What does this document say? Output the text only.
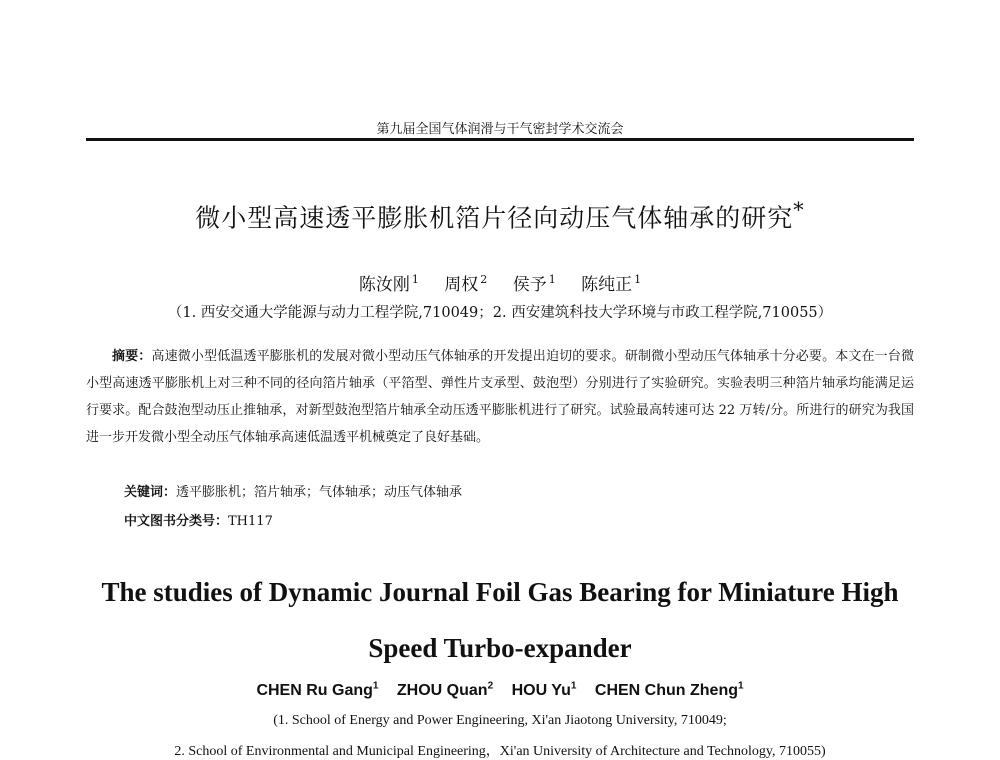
第九届全国气体润滑与干气密封学术交流会
微小型高速透平膨胀机箔片径向动压气体轴承的研究*
陈汝刚 $^1$ 周权 $^2$ 侯予 $^1$ 陈纯正 $^1$
（1. 西安交通大学能源与动力工程学院,710049；2. 西安建筑科技大学环境与市政工程学院,710055）
摘要：高速微小型低温透平膨胀机的发展对微小型动压气体轴承的开发提出迫切的要求。研制微小型动压气体轴承十分必要。本文在一台微小型高速透平膨胀机上对三种不同的径向箔片轴承（平箔型、弹性片支承型、鼓泡型）分别进行了实验研究。实验表明三种箔片轴承均能满足运行要求。配合鼓泡型动压止推轴承，对新型鼓泡型箔片轴承全动压透平膨胀机进行了研究。试验最高转速可达 22 万转/分。所进行的研究为我国进一步开发微小型全动压气体轴承高速低温透平机械奠定了良好基础。
关键词：透平膨胀机；箔片轴承；气体轴承；动压气体轴承
中文图书分类号：TH117
The studies of Dynamic Journal Foil Gas Bearing for Miniature High
Speed Turbo-expander
CHEN Ru Gang$^1$ ZHOU Quan$^2$ HOU Yu$^1$ CHEN Chun Zheng$^1$
(1. School of Energy and Power Engineering, Xi'an Jiaotong University, 710049;
2. School of Environmental and Municipal Engineering，Xi'an University of Architecture and Technology, 710055)
